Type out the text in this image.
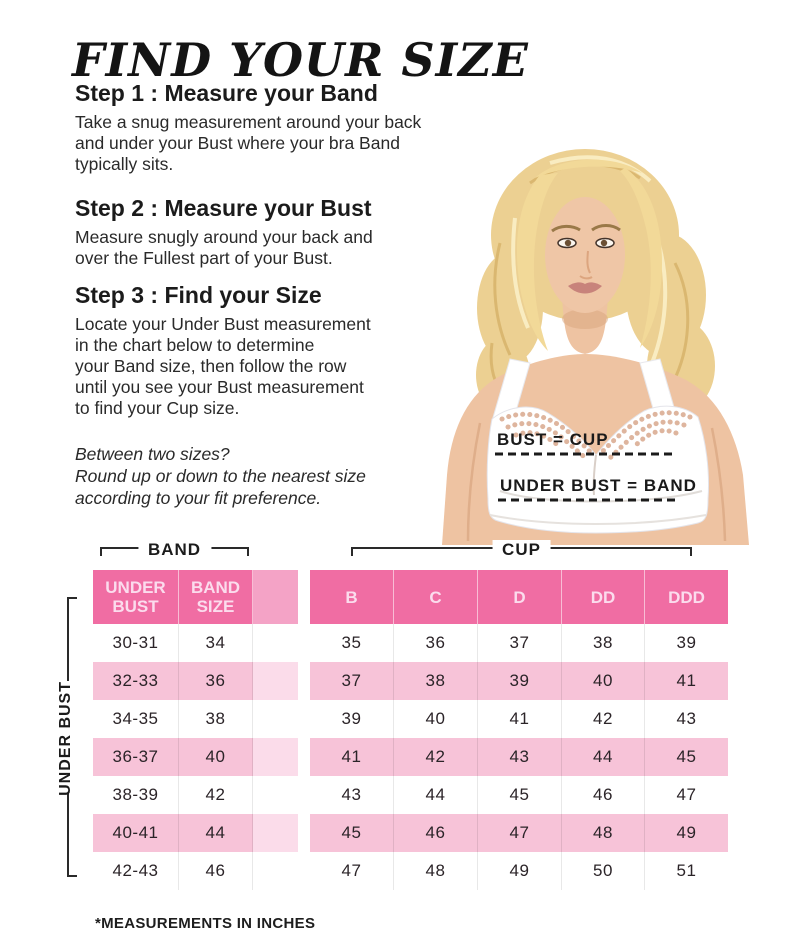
FIND YOUR SIZE
Step 1 : Measure your Band
Take a snug measurement around your back
and under your Bust where your bra Band
typically sits.
Step 2 : Measure your Bust
Measure snugly around your back and
over the Fullest part of your Bust.
Step 3 : Find your Size
Locate your Under Bust measurement
in the chart below to determine
your Band size, then follow the row
until you see your Bust measurement
to find your Cup size.
Between two sizes?
Round up or down to the nearest size
according to your fit preference.
BUST = CUP
UNDER BUST = BAND
BAND	CUP
UNDER BUST
UNDER BUST
BAND SIZE	B	C	D	DD	DDD
30-31	34	35	36	37	38	39
32-33	36	37	38	39	40	41
34-35	38	39	40	41	42	43
36-37	40	41	42	43	44	45
38-39	42	43	44	45	46	47
40-41	44	45	46	47	48	49
42-43	46	47	48	49	50	51
*MEASUREMENTS IN INCHES
